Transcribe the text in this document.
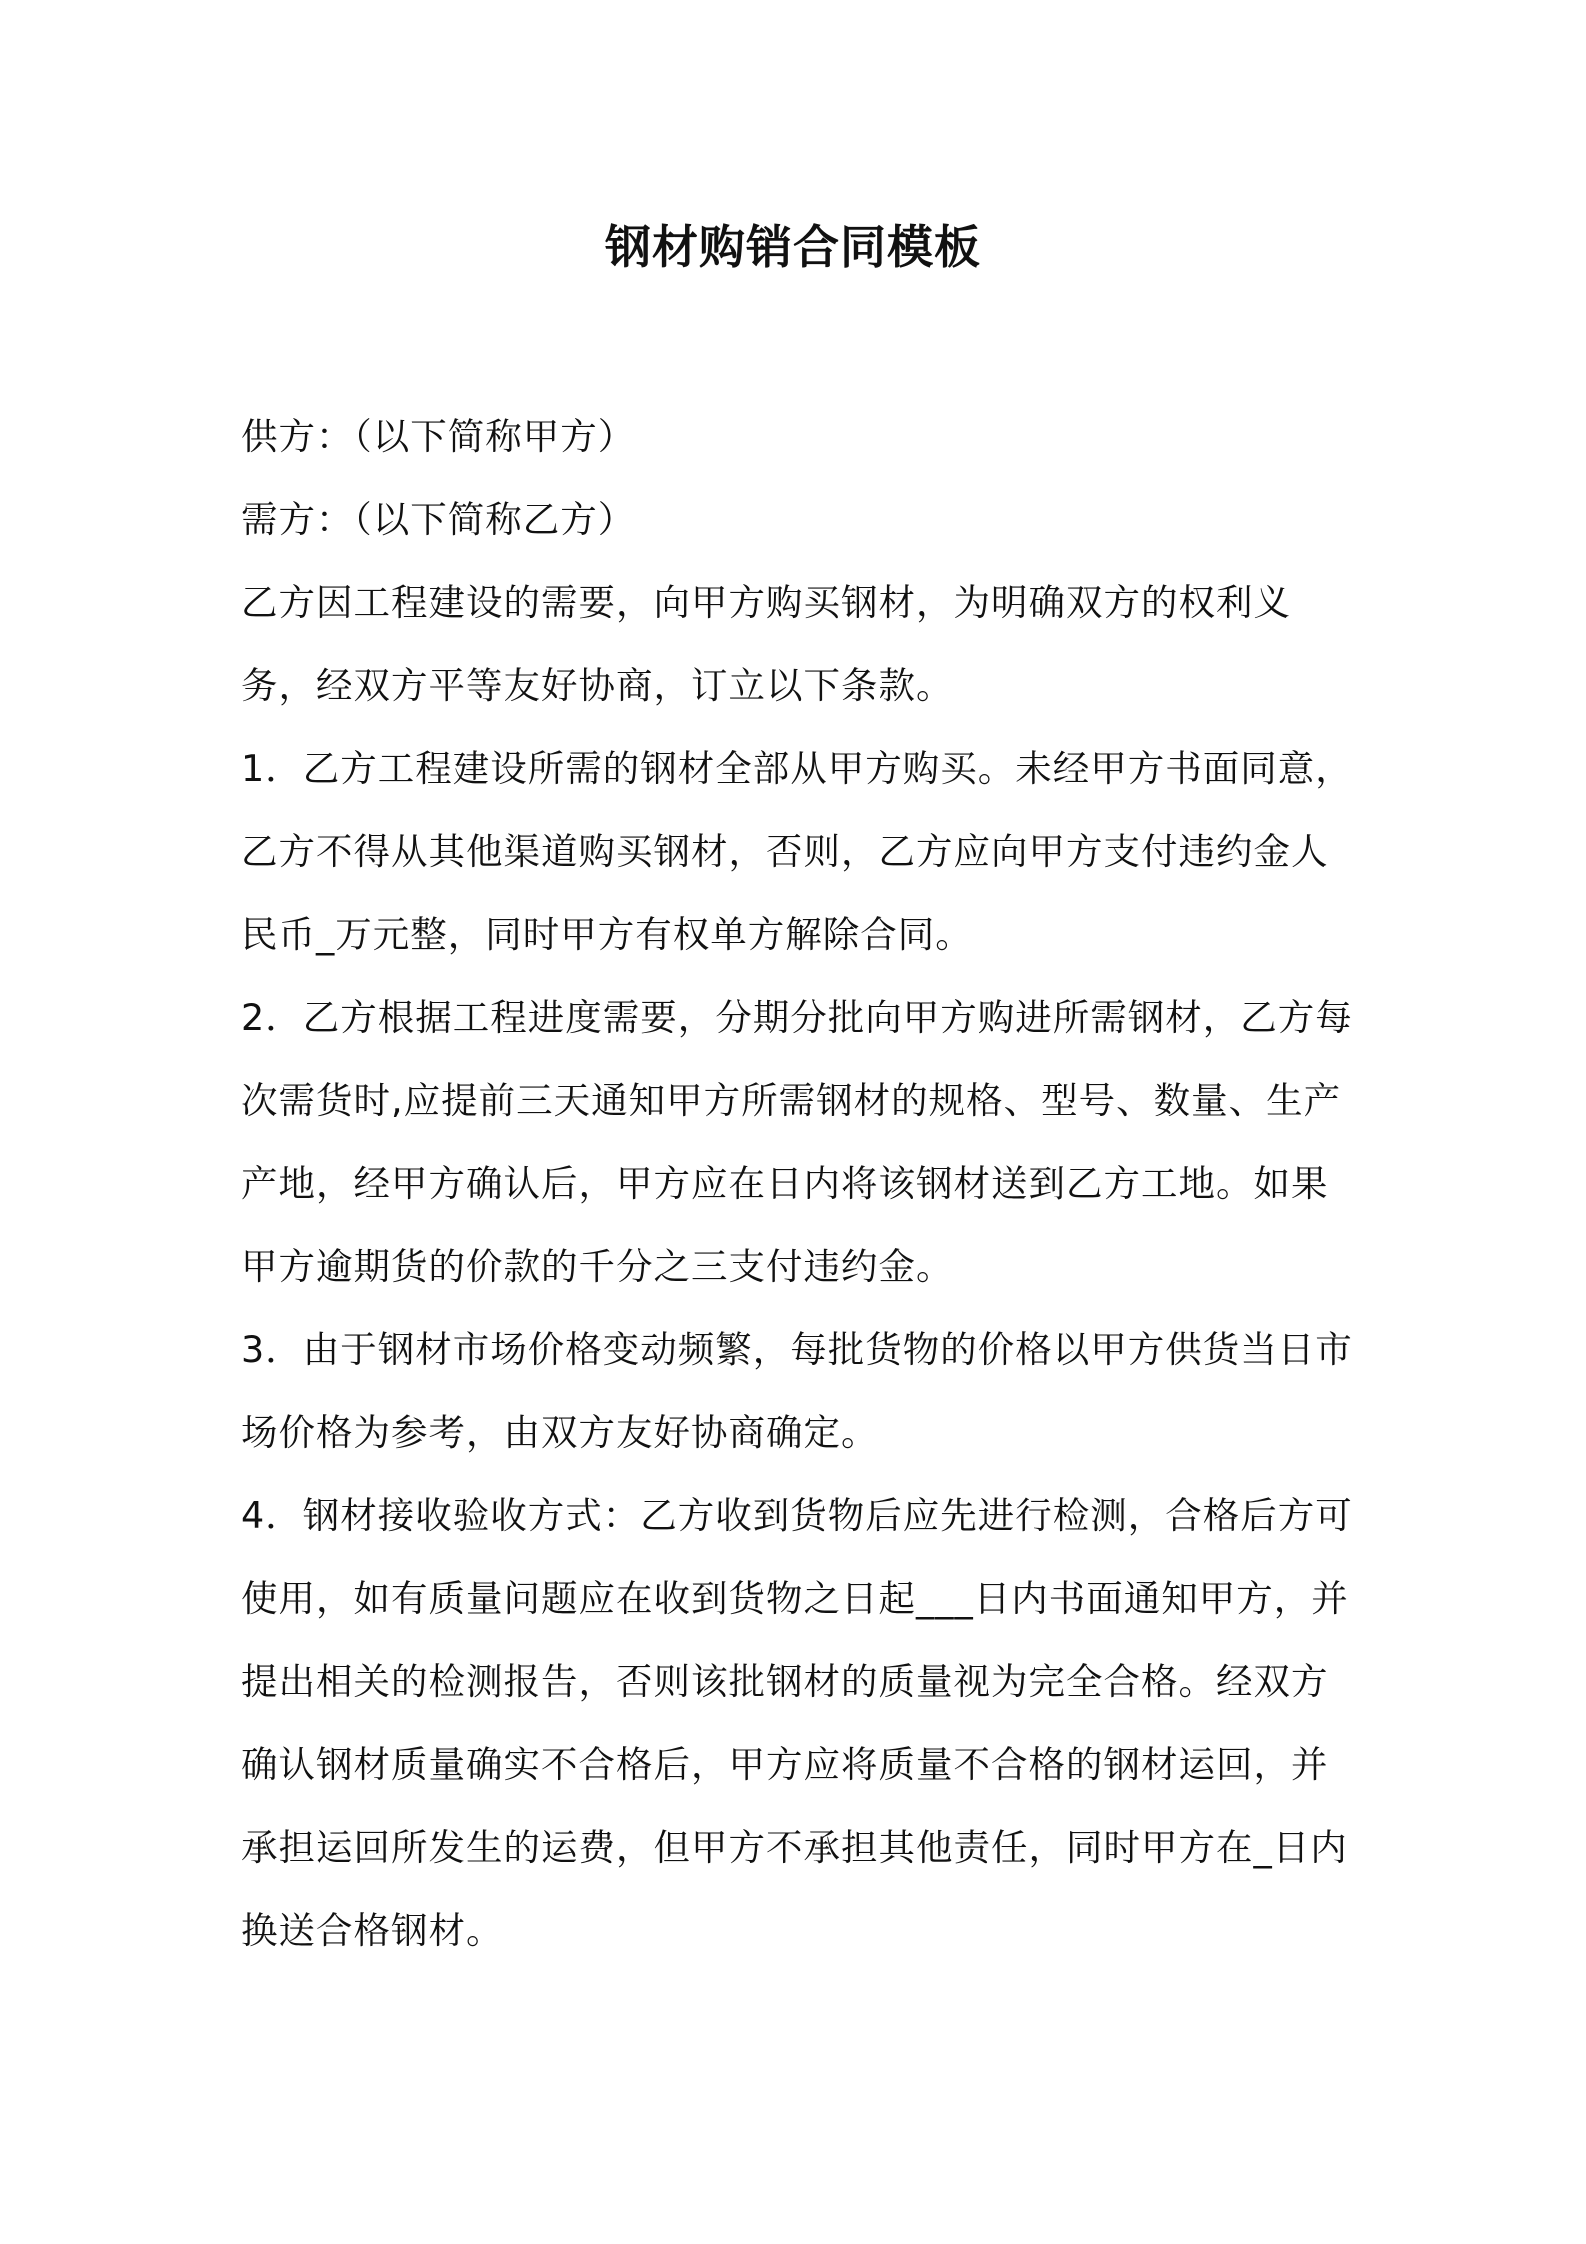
钢材购销合同模板

供方：（以下简称甲方）

需方：（以下简称乙方）

乙方因工程建设的需要，向甲方购买钢材，为明确双方的权利义务，经双方平等友好协商，订立以下条款。

1．乙方工程建设所需的钢材全部从甲方购买。未经甲方书面同意，乙方不得从其他渠道购买钢材，否则，乙方应向甲方支付违约金人民币_万元整，同时甲方有权单方解除合同。

2．乙方根据工程进度需要，分期分批向甲方购进所需钢材，乙方每次需货时,应提前三天通知甲方所需钢材的规格、型号、数量、生产产地，经甲方确认后，甲方应在日内将该钢材送到乙方工地。如果甲方逾期货的价款的千分之三支付违约金。

3．由于钢材市场价格变动频繁，每批货物的价格以甲方供货当日市场价格为参考，由双方友好协商确定。

4．钢材接收验收方式：乙方收到货物后应先进行检测，合格后方可使用，如有质量问题应在收到货物之日起___日内书面通知甲方，并提出相关的检测报告，否则该批钢材的质量视为完全合格。经双方确认钢材质量确实不合格后，甲方应将质量不合格的钢材运回，并承担运回所发生的运费，但甲方不承担其他责任，同时甲方在_日内换送合格钢材。
